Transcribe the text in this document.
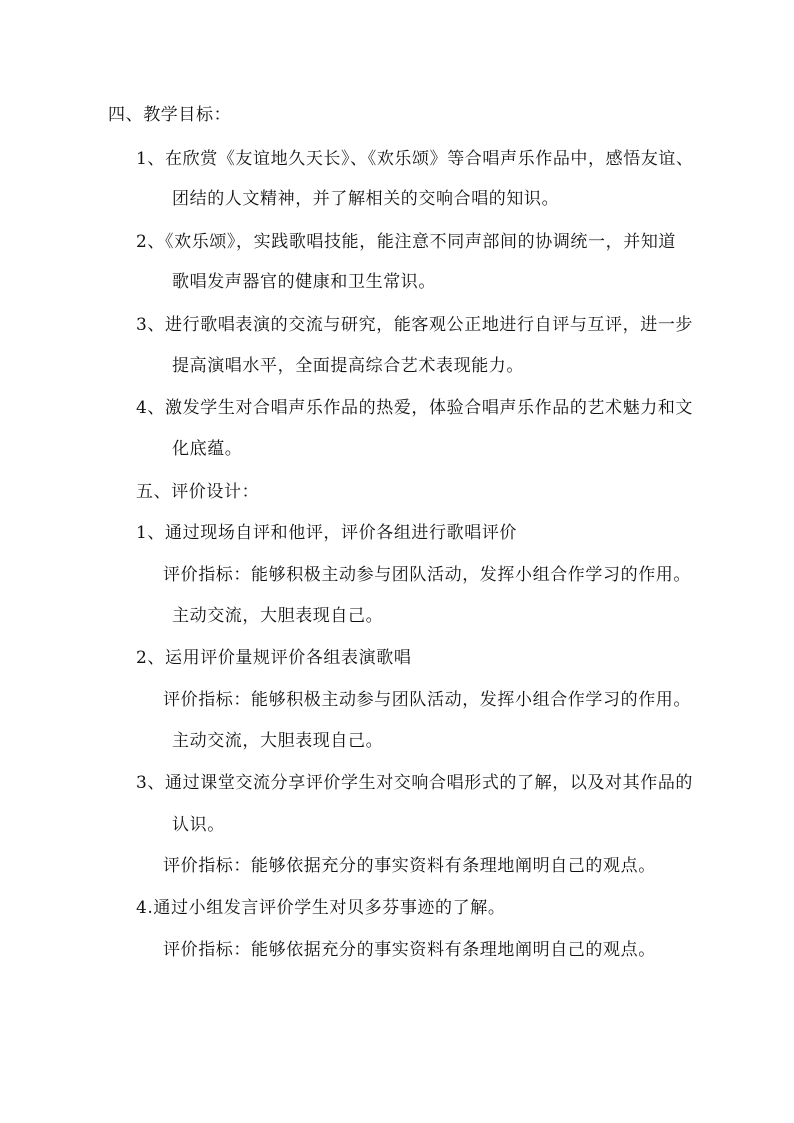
四、教学目标：
1、在欣赏《友谊地久天长》、《欢乐颂》等合唱声乐作品中，感悟友谊、
团结的人文精神，并了解相关的交响合唱的知识。
2、《欢乐颂》，实践歌唱技能，能注意不同声部间的协调统一，并知道
歌唱发声器官的健康和卫生常识。
3、进行歌唱表演的交流与研究，能客观公正地进行自评与互评，进一步
提高演唱水平，全面提高综合艺术表现能力。
4、激发学生对合唱声乐作品的热爱，体验合唱声乐作品的艺术魅力和文
化底蕴。
五、评价设计：
1、通过现场自评和他评，评价各组进行歌唱评价
评价指标：能够积极主动参与团队活动，发挥小组合作学习的作用。
主动交流，大胆表现自己。
2、运用评价量规评价各组表演歌唱
评价指标：能够积极主动参与团队活动，发挥小组合作学习的作用。
主动交流，大胆表现自己。
3、通过课堂交流分享评价学生对交响合唱形式的了解，以及对其作品的
认识。
评价指标：能够依据充分的事实资料有条理地阐明自己的观点。
4.通过小组发言评价学生对贝多芬事迹的了解。
评价指标：能够依据充分的事实资料有条理地阐明自己的观点。
